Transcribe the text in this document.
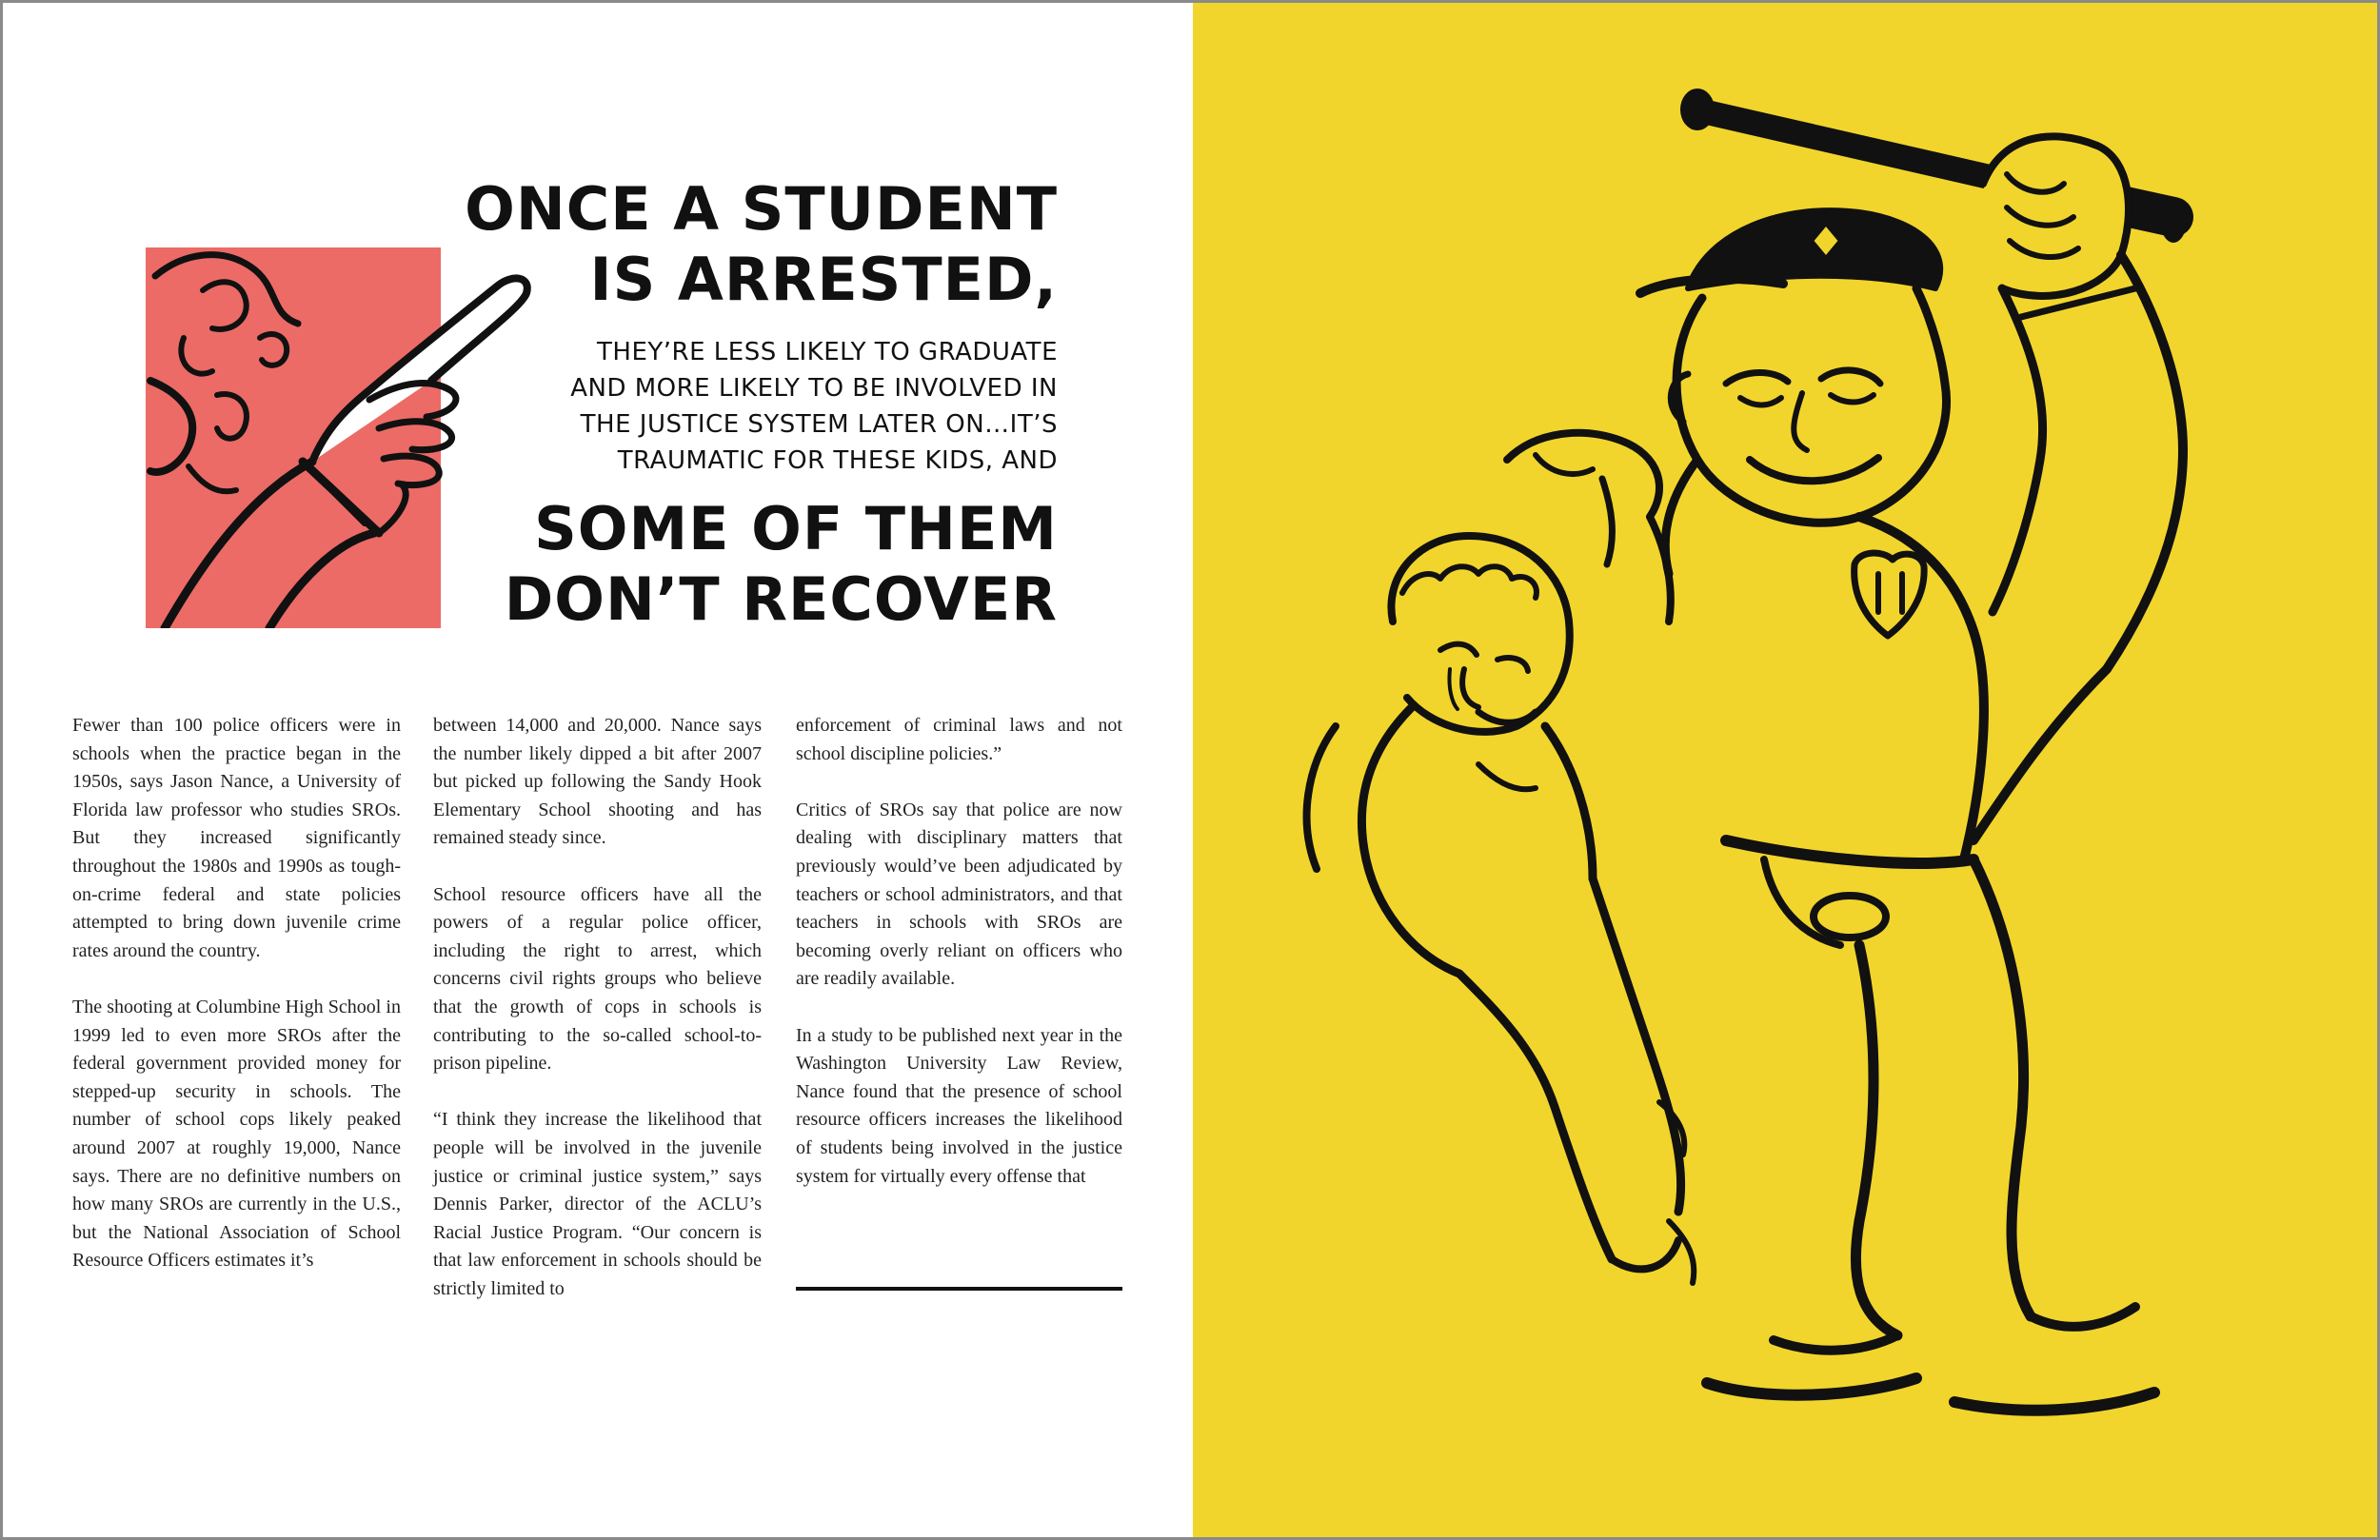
ONCE A STUDENT

IS ARRESTED,

THEY’RE LESS LIKELY TO GRADUATE

AND MORE LIKELY TO BE INVOLVED IN

THE JUSTICE SYSTEM LATER ON…IT’S

TRAUMATIC FOR THESE KIDS, AND

SOME OF THEM

DON’T RECOVER

Fewer than 100 police officers were in schools when the practice began in the 1950s, says Jason Nance, a University of Florida law professor who studies SROs. But they increased significantly throughout the 1980s and 1990s as tough-on-crime federal and state policies attempted to bring down juvenile crime rates around the country.

The shooting at Columbine High School in 1999 led to even more SROs after the federal government provided money for stepped-up security in schools. The number of school cops likely peaked around 2007 at roughly 19,000, Nance says. There are no definitive numbers on how many SROs are currently in the U.S., but the National Association of School Resource Officers estimates it’s

between 14,000 and 20,000. Nance says the number likely dipped a bit after 2007 but picked up following the Sandy Hook Elementary School shooting and has remained steady since.

School resource officers have all the powers of a regular police officer, including the right to arrest, which concerns civil rights groups who believe that the growth of cops in schools is contributing to the so-called school-to-prison pipeline.

“I think they increase the likelihood that people will be involved in the juvenile justice or criminal justice system,” says Dennis Parker, director of the ACLU’s Racial Justice Program. “Our concern is that law enforcement in schools should be strictly limited to

enforcement of criminal laws and not school discipline policies.”

Critics of SROs say that police are now dealing with disciplinary matters that previously would’ve been adjudicated by teachers or school administrators, and that teachers in schools with SROs are becoming overly reliant on officers who are readily available.

In a study to be published next year in the Washington University Law Review, Nance found that the presence of school resource officers increases the likelihood of students being involved in the justice system for virtually every offense that
